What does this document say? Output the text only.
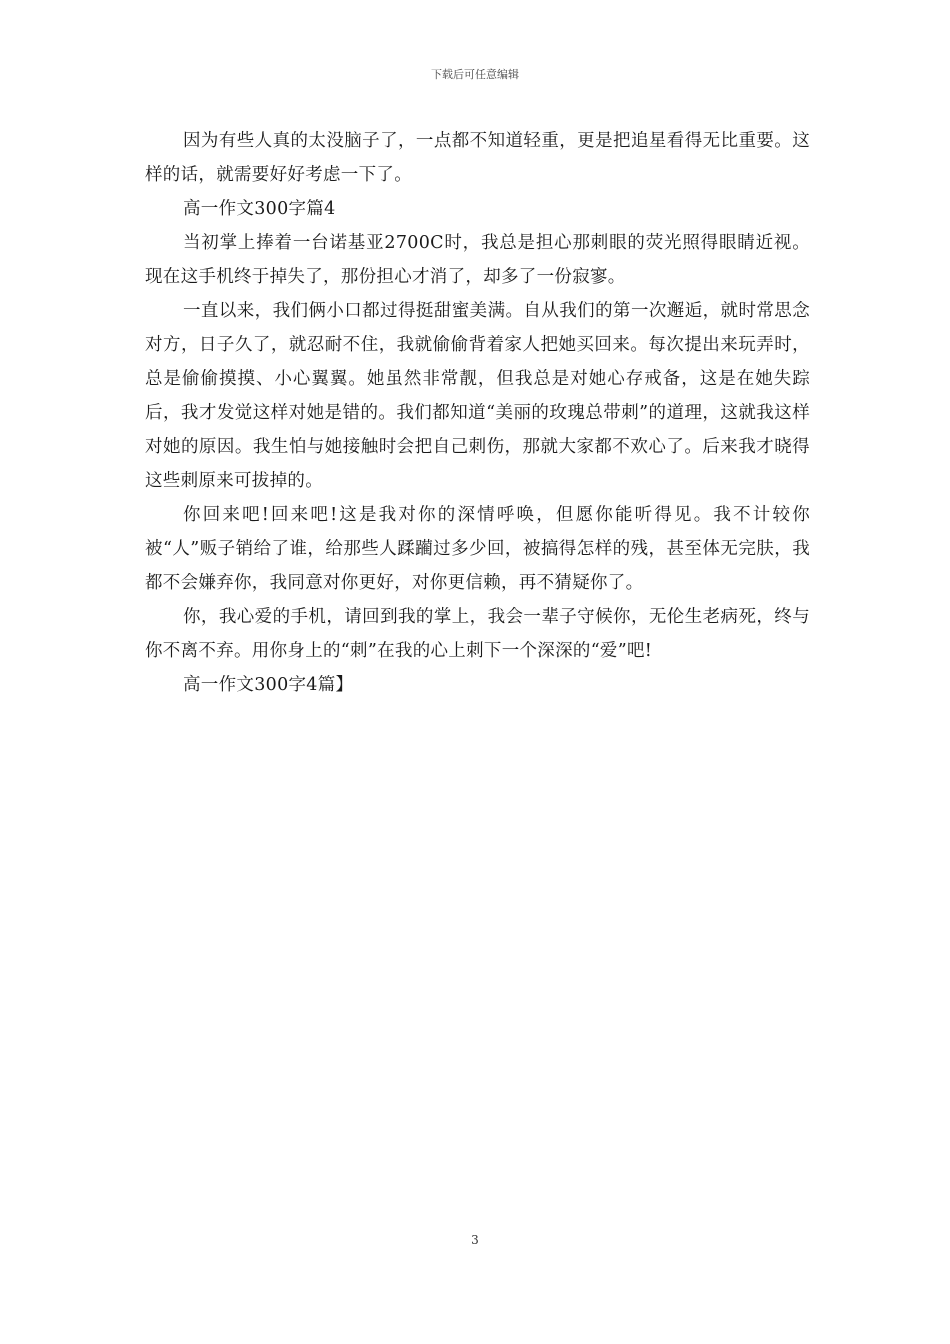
下载后可任意编辑

因为有些人真的太没脑子了，一点都不知道轻重，更是把追星看得无比重要。这样的话，就需要好好考虑一下了。

高一作文300字篇4

当初掌上捧着一台诺基亚2700C时，我总是担心那刺眼的荧光照得眼睛近视。现在这手机终于掉失了，那份担心才消了，却多了一份寂寥。

一直以来，我们俩小口都过得挺甜蜜美满。自从我们的第一次邂逅，就时常思念对方，日子久了，就忍耐不住，我就偷偷背着家人把她买回来。每次提出来玩弄时，总是偷偷摸摸、小心翼翼。她虽然非常靓，但我总是对她心存戒备，这是在她失踪后，我才发觉这样对她是错的。我们都知道“美丽的玫瑰总带刺”的道理，这就我这样对她的原因。我生怕与她接触时会把自己刺伤，那就大家都不欢心了。后来我才晓得这些刺原来可拔掉的。

你回来吧!回来吧!这是我对你的深情呼唤，但愿你能听得见。我不计较你被“人”贩子销给了谁，给那些人蹂躏过多少回，被搞得怎样的残，甚至体无完肤，我都不会嫌弃你，我同意对你更好，对你更信赖，再不猜疑你了。

你，我心爱的手机，请回到我的掌上，我会一辈子守候你，无伦生老病死，终与你不离不弃。用你身上的“刺”在我的心上刺下一个深深的“爱”吧!

高一作文300字4篇】

3
